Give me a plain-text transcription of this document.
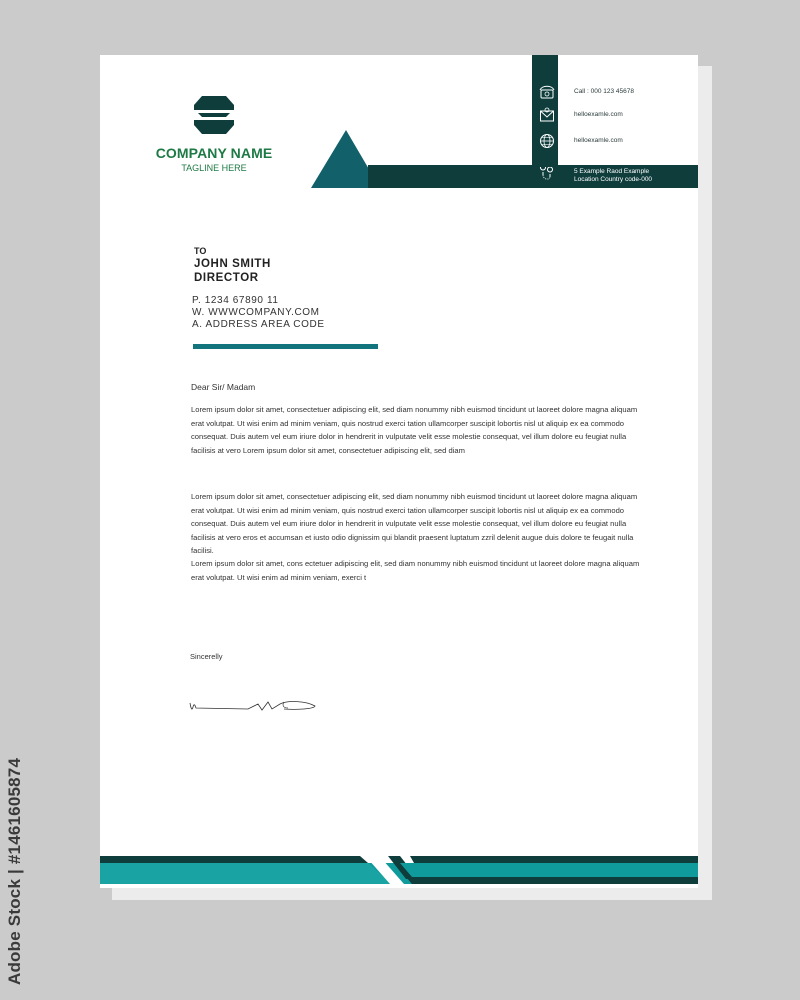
COMPANY NAME
TAGLINE HERE
Call : 000 123 45678
helloexamle.com
helloexamle.com
5 Example Raod Example
Location Country code-000
TO
JOHN SMITH
DIRECTOR
P. 1234 67890 11
W. WWWCOMPANY.COM
A. ADDRESS AREA CODE
Dear Sir/ Madam

Lorem ipsum dolor sit amet, consectetuer adipiscing elit, sed diam nonummy nibh euismod tincidunt ut laoreet dolore magna aliquam erat volutpat. Ut wisi enim ad minim veniam, quis nostrud exerci tation ullamcorper suscipit lobortis nisl ut aliquip ex ea commodo consequat. Duis autem vel eum iriure dolor in hendrerit in vulputate velit esse molestie consequat, vel illum dolore eu feugiat nulla facilisis at vero Lorem ipsum dolor sit amet, consectetuer adipiscing elit, sed diam

Lorem ipsum dolor sit amet, consectetuer adipiscing elit, sed diam nonummy nibh euismod tincidunt ut laoreet dolore magna aliquam erat volutpat. Ut wisi enim ad minim veniam, quis nostrud exerci tation ullamcorper suscipit lobortis nisl ut aliquip ex ea commodo consequat. Duis autem vel eum iriure dolor in hendrerit in vulputate velit esse molestie consequat, vel illum dolore eu feugiat nulla facilisis at vero eros et accumsan et iusto odio dignissim qui blandit praesent luptatum zzril delenit augue duis dolore te feugait nulla facilisi.

Lorem ipsum dolor sit amet, cons ectetuer adipiscing elit, sed diam nonummy nibh euismod tincidunt ut laoreet dolore magna aliquam erat volutpat. Ut wisi enim ad minim veniam, exerci t

Sincerelly
Adobe Stock | #146160587​4
